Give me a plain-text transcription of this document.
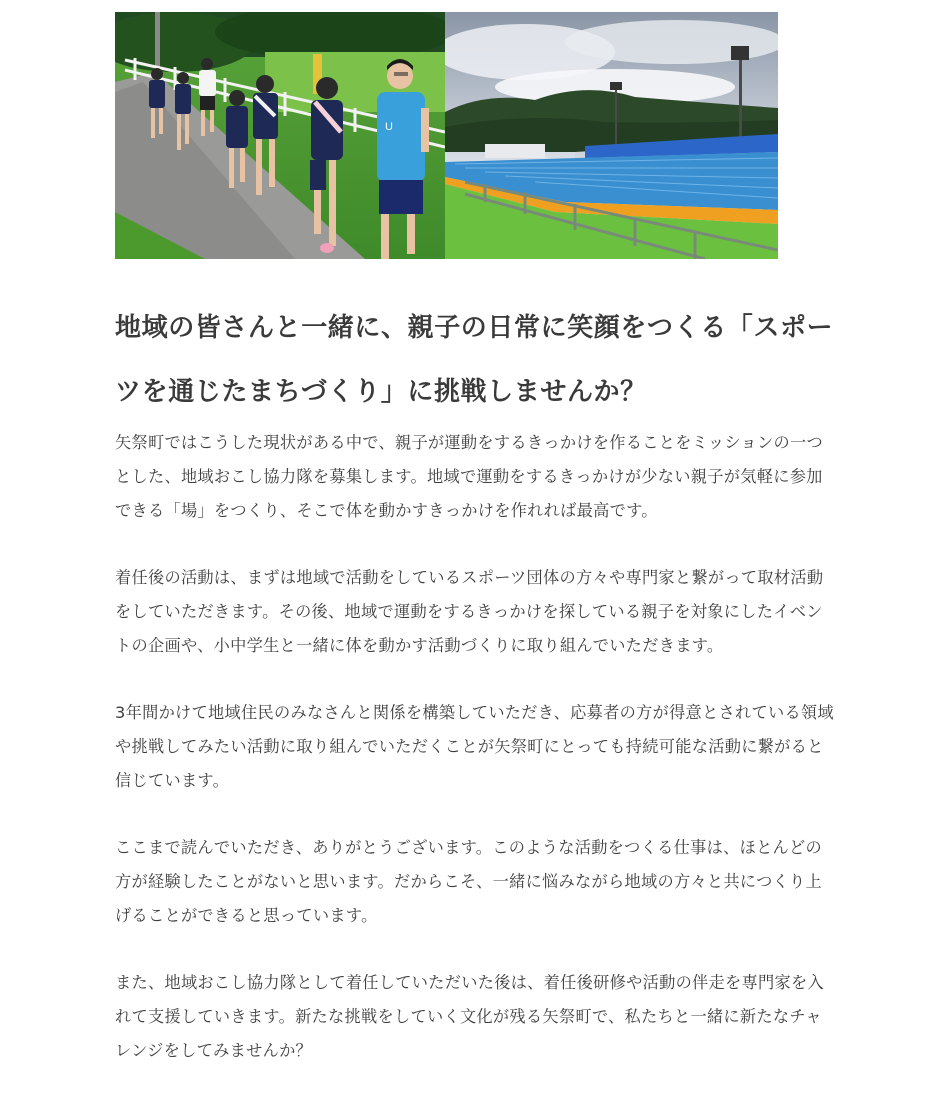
U
地域の皆さんと一緒に、親子の日常に笑顔をつくる「スポーツを通じたまちづくり」に挑戦しませんか？

矢祭町ではこうした現状がある中で、親子が運動をするきっかけを作ることをミッションの一つとした、地域おこし協力隊を募集します。地域で運動をするきっかけが少ない親子が気軽に参加できる「場」をつくり、そこで体を動かすきっかけを作れれば最高です。

着任後の活動は、まずは地域で活動をしているスポーツ団体の方々や専門家と繋がって取材活動をしていただきます。その後、地域で運動をするきっかけを探している親子を対象にしたイベントの企画や、小中学生と一緒に体を動かす活動づくりに取り組んでいただきます。

3年間かけて地域住民のみなさんと関係を構築していただき、応募者の方が得意とされている領域や挑戦してみたい活動に取り組んでいただくことが矢祭町にとっても持続可能な活動に繋がると信じています。

ここまで読んでいただき、ありがとうございます。このような活動をつくる仕事は、ほとんどの方が経験したことがないと思います。だからこそ、一緒に悩みながら地域の方々と共につくり上げることができると思っています。

また、地域おこし協力隊として着任していただいた後は、着任後研修や活動の伴走を専門家を入れて支援していきます。新たな挑戦をしていく文化が残る矢祭町で、私たちと一緒に新たなチャレンジをしてみませんか？
